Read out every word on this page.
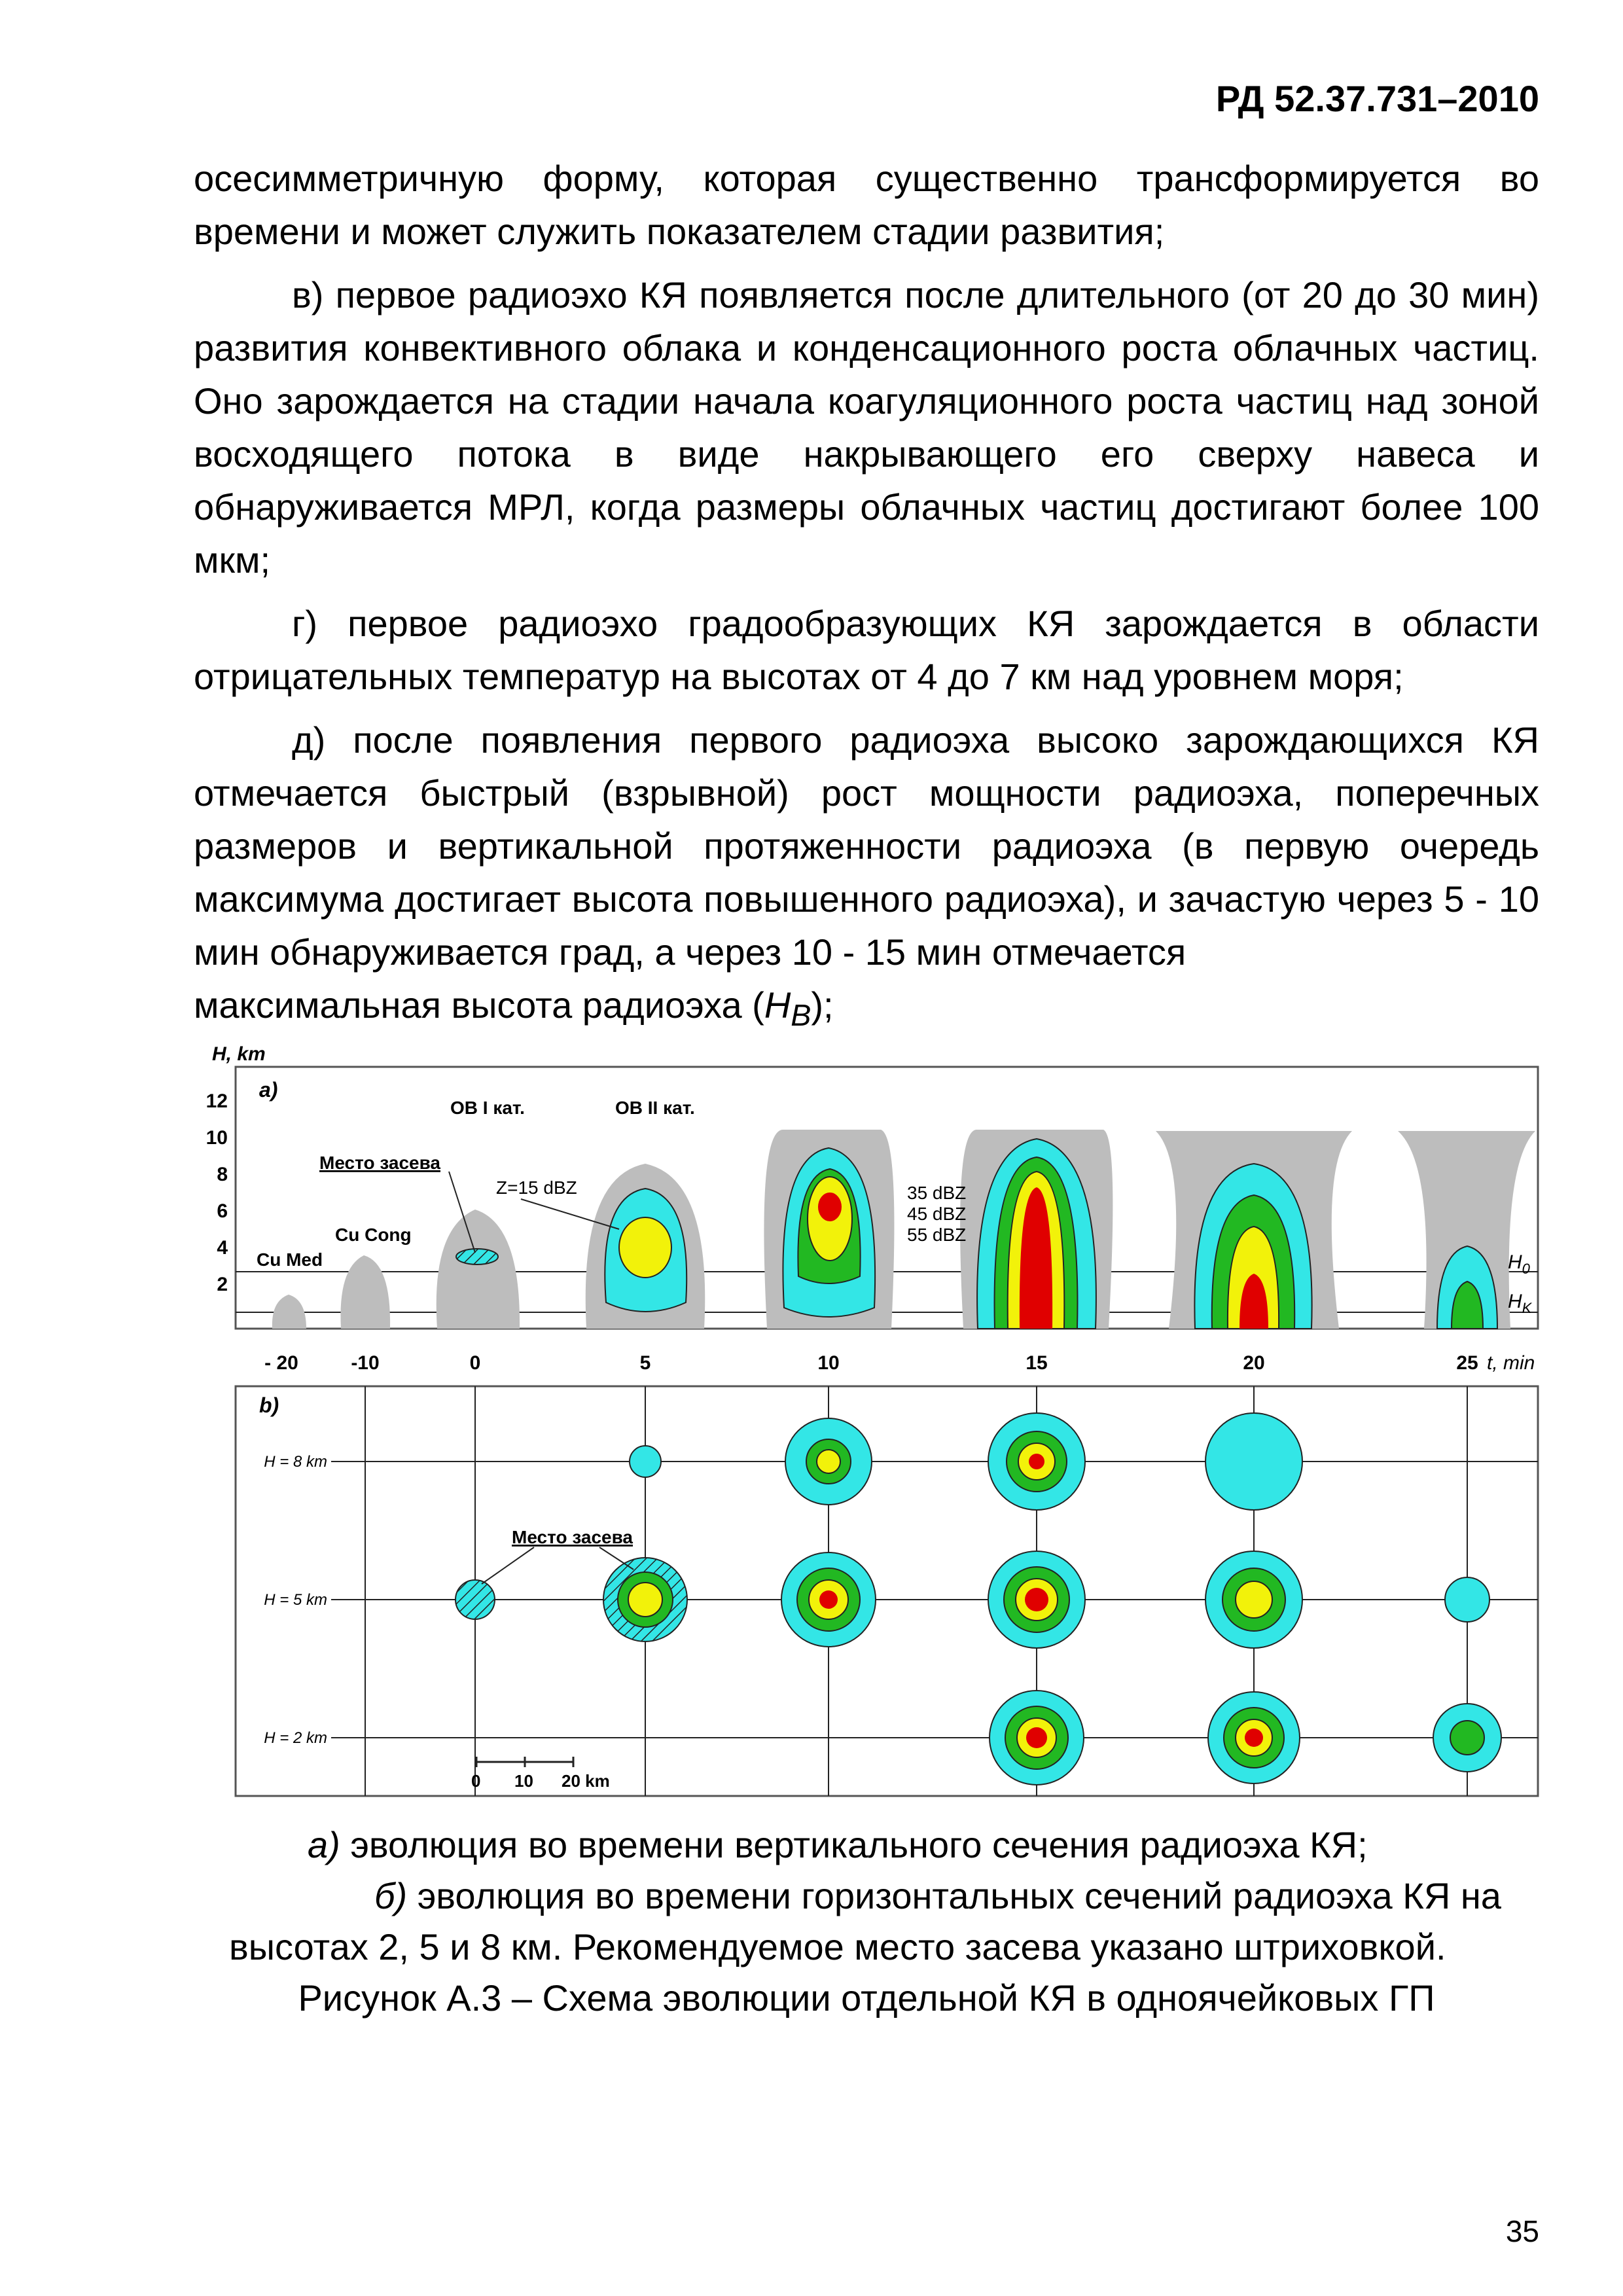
РД 52.37.731–2010

осесимметричную форму, которая существенно трансформируется во времени и может служить показателем стадии развития;

в) первое радиоэхо КЯ появляется после длительного (от 20 до 30 мин) развития конвективного облака и конденсационного роста облачных частиц. Оно зарождается на стадии начала коагуляционного роста частиц над зоной восходящего потока в виде накрывающего его сверху навеса и обнаруживается МРЛ, когда размеры облачных частиц достигают более 100 мкм;

г) первое радиоэхо градообразующих КЯ зарождается в области отрицательных температур на высотах от 4 до 7 км над уровнем моря;

д) после появления первого радиоэха высоко зарождающихся КЯ отмечается быстрый (взрывной) рост мощности радиоэха, поперечных размеров и вертикальной протяженности радиоэха (в первую очередь максимума достигает высота повышенного радиоэха), и зачастую через 5 - 10 мин обнаруживается град, а через 10 - 15 мин отмечается

максимальная высота радиоэха $(H_B)$;

H, km
a)
12
10
8
6
4
2
Cu Med
Cu Cong
ОВ I кат.	ОВ II кат.
Место засева
Z=15 dBZ	35 dBZ
45 dBZ
55 dBZ
$H_0$
$H_K$
- 20	-10	0	5	10	15	20	25 t, min
b)
H = 8 km
H = 5 km
H = 2 km
Место засева
0 10 20 km

а) эволюция во времени вертикального сечения радиоэха КЯ;

б) эволюция во времени горизонтальных сечений радиоэха КЯ на высотах 2, 5 и 8 км. Рекомендуемое место засева указано штриховкой.

Рисунок А.3 – Схема эволюции отдельной КЯ в одноячейковых ГП

35
